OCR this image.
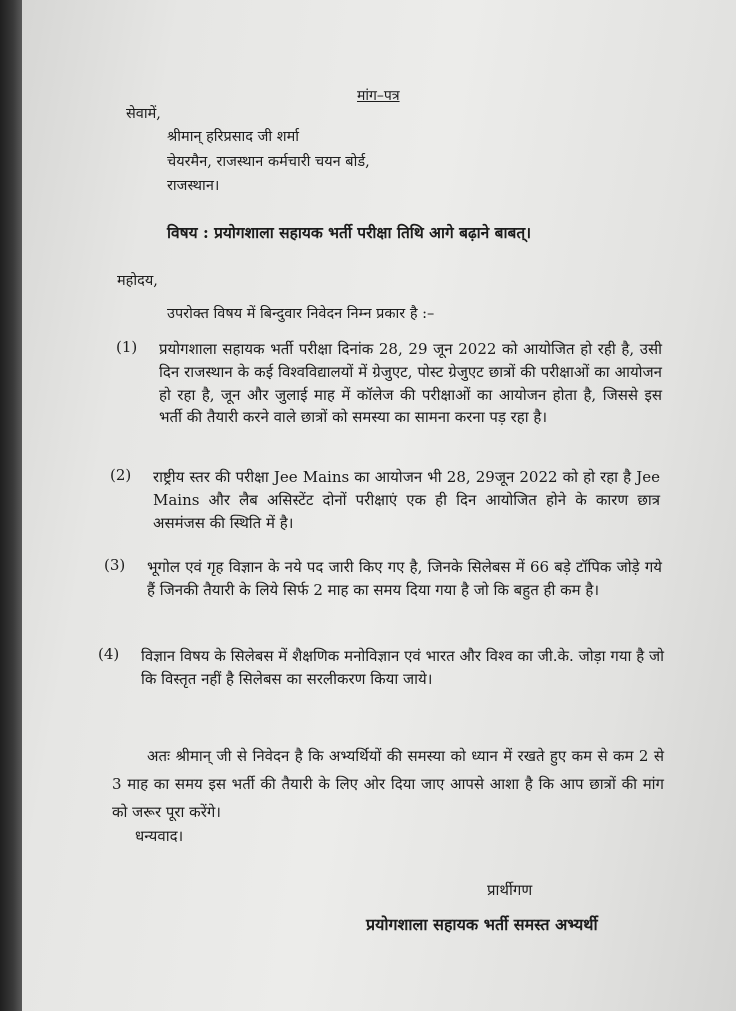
मांग–पत्र
सेवामें,
श्रीमान् हरिप्रसाद जी शर्मा
चेयरमैन, राजस्थान कर्मचारी चयन बोर्ड,
राजस्थान।
विषय : प्रयोगशाला सहायक भर्ती परीक्षा तिथि आगे बढ़ाने बाबत्।
महोदय,
उपरोक्त विषय में बिन्दुवार निवेदन निम्न प्रकार है :–
(1) प्रयोगशाला सहायक भर्ती परीक्षा दिनांक 28, 29 जून 2022 को आयोजित हो रही है, उसी दिन राजस्थान के कई विश्वविद्यालयों में ग्रेजुएट, पोस्ट ग्रेजुएट छात्रों की परीक्षाओं का आयोजन हो रहा है, जून और जुलाई माह में कॉलेज की परीक्षाओं का आयोजन होता है, जिससे इस भर्ती की तैयारी करने वाले छात्रों को समस्या का सामना करना पड़ रहा है।
(2) राष्ट्रीय स्तर की परीक्षा Jee Mains का आयोजन भी 28, 29जून 2022 को हो रहा है Jee Mains और लैब असिस्टेंट दोनों परीक्षाएं एक ही दिन आयोजित होने के कारण छात्र असमंजस की स्थिति में है।
(3) भूगोल एवं गृह विज्ञान के नये पद जारी किए गए है, जिनके सिलेबस में 66 बड़े टॉपिक जोड़े गये हैं जिनकी तैयारी के लिये सिर्फ 2 माह का समय दिया गया है जो कि बहुत ही कम है।
(4) विज्ञान विषय के सिलेबस में शैक्षणिक मनोविज्ञान एवं भारत और विश्व का जी.के. जोड़ा गया है जो कि विस्तृत नहीं है सिलेबस का सरलीकरण किया जाये।
अतः श्रीमान् जी से निवेदन है कि अभ्यर्थियों की समस्या को ध्यान में रखते हुए कम से कम 2 से 3 माह का समय इस भर्ती की तैयारी के लिए ओर दिया जाए आपसे आशा है कि आप छात्रों की मांग को जरूर पूरा करेंगे।
धन्यवाद।
प्रार्थीगण
प्रयोगशाला सहायक भर्ती समस्त अभ्यर्थी
